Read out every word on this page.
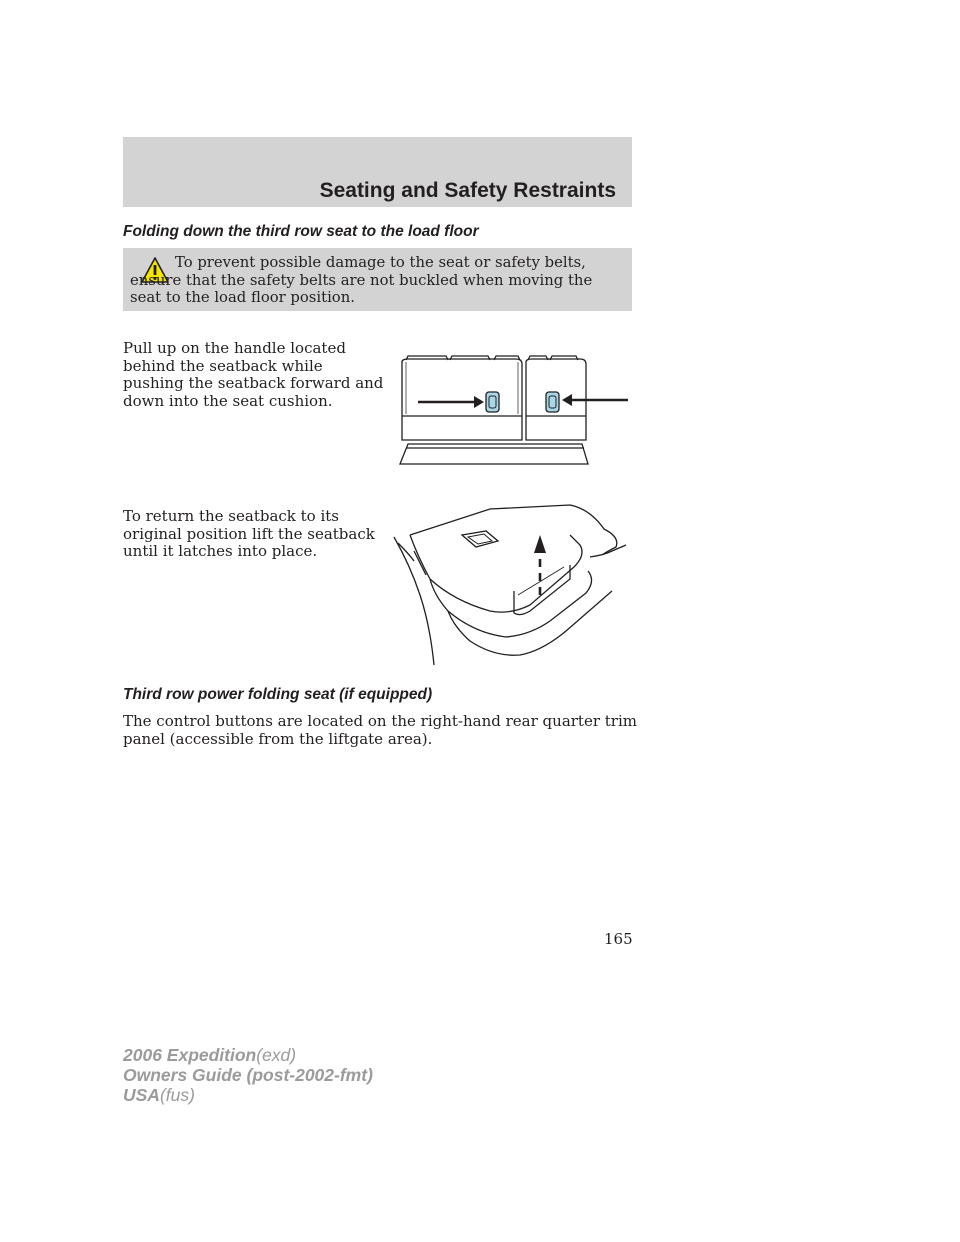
Seating and Safety Restraints
Folding down the third row seat to the load floor

To prevent possible damage to the seat or safety belts, ensure that the safety belts are not buckled when moving the seat to the load floor position.

Pull up on the handle located behind the seatback while pushing the seatback forward and down into the seat cushion.

To return the seatback to its original position lift the seatback until it latches into place.

Third row power folding seat (if equipped)

The control buttons are located on the right-hand rear quarter trim panel (accessible from the liftgate area).

165
2006 Expedition(exd)
Owners Guide (post-2002-fmt)
USA(fus)
